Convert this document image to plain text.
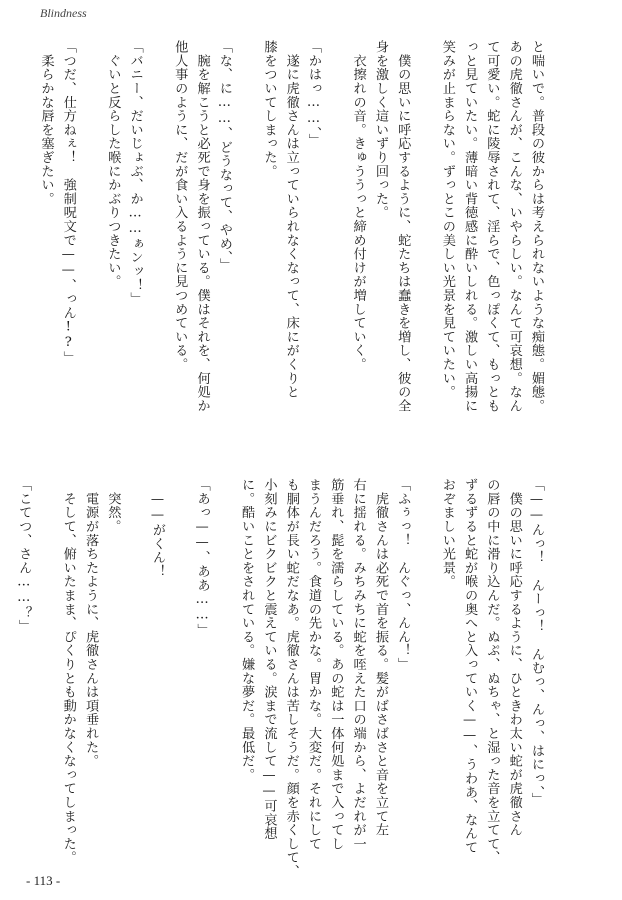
Blindness
と喘いで。普段の彼からは考えられないような痴態。媚態。
あの虎徹さんが、こんな、いやらしい。なんて可哀想。なん
て可愛い。蛇に陵辱されて、淫らで、色っぽくて、もっとも
っと見ていたい。薄暗い背徳感に酔いしれる。激しい高揚に
笑みが止まらない。ずっとこの美しい光景を見ていたい。

　僕の思いに呼応するように、蛇たちは蠢きを増し、彼の全
身を激しく這いずり回った。
　衣擦れの音。きゅううっと締め付けが増していく。

「かはっ……、」
　遂に虎徹さんは立っていられなくなって、床にがくりと
膝をついてしまった。

「な、に……、どうなって、やめ、」
　腕を解こうと必死で身を振っている。僕はそれを、何処か
他人事のように、だが食い入るように見つめている。

「バニー、だいじょぶ、か……ぁンッ！」
　ぐいと反らした喉にかぶりつきたい。

「つだ、仕方ねぇ！　強制呪文で——、っん!?」
　柔らかな唇を塞ぎたい。
「——んっ！　んーっ！　んむっ、んっ、はにっ、」
　僕の思いに呼応するように、ひときわ太い蛇が虎徹さん
の唇の中に滑り込んだ。ぬぷ、ぬちゃ、と湿った音を立てて、
ずるずると蛇が喉の奥へと入っていく——、うわあ、なんて
おぞましい光景。

「ふぅっ！　んぐっ、んん！」
　虎徹さんは必死で首を振る。髪がばさばさと音を立て左
右に揺れる。みちみちに蛇を咥えた口の端から、よだれが一
筋垂れ、髭を濡らしている。あの蛇は一体何処まで入ってし
まうんだろう。食道の先かな。胃かな。大変だ。それにして
も胴体が長い蛇だなあ。虎徹さんは苦しそうだ。顔を赤くして、
小刻みにビクビクと震えている。涙まで流して——可哀想
に。酷いことをされている。嫌な夢だ。最低だ。

「あっ——、ああ……」

　——がくん！

　突然。
　電源が落ちたように、虎徹さんは項垂れた。
　そして、俯いたまま、ぴくりとも動かなくなってしまった。

「こてつ、さん……？」
- 113 -
